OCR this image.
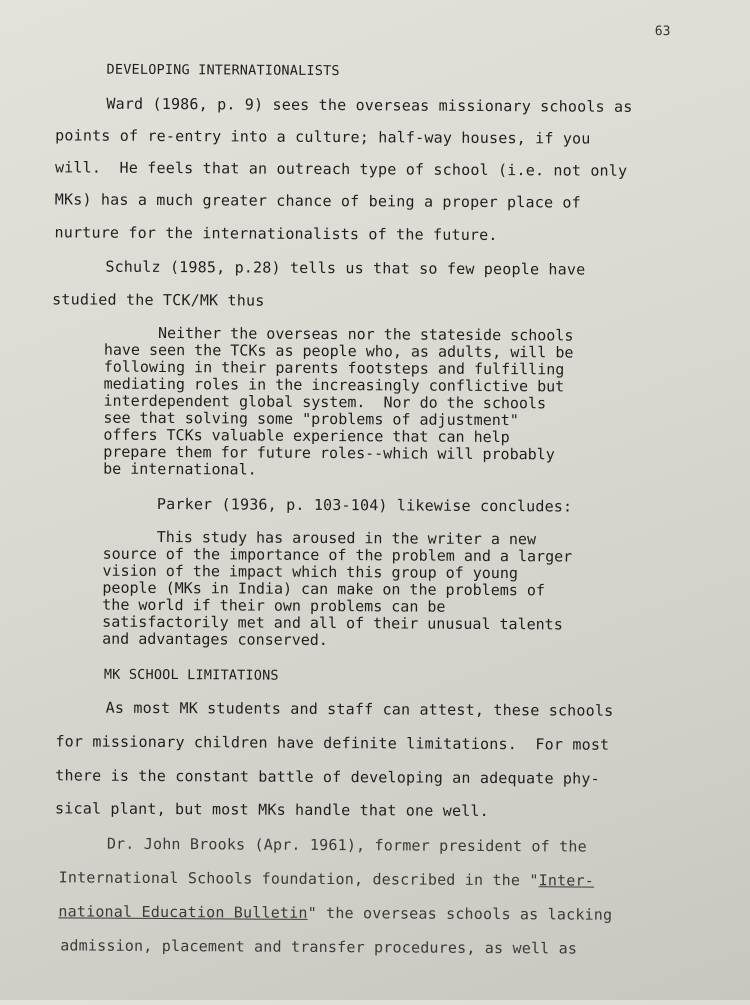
63
DEVELOPING INTERNATIONALISTS
Ward (1986, p. 9) sees the overseas missionary schools as
points of re-entry into a culture; half-way houses, if you
will.  He feels that an outreach type of school (i.e. not only
MKs) has a much greater chance of being a proper place of
nurture for the internationalists of the future.
Schulz (1985, p.28) tells us that so few people have
studied the TCK/MK thus
Neither the overseas nor the stateside schools
have seen the TCKs as people who, as adults, will be
following in their parents footsteps and fulfilling
mediating roles in the increasingly conflictive but
interdependent global system.  Nor do the schools
see that solving some "problems of adjustment"
offers TCKs valuable experience that can help
prepare them for future roles--which will probably
be international.
Parker (1936, p. 103-104) likewise concludes:
This study has aroused in the writer a new
source of the importance of the problem and a larger
vision of the impact which this group of young
people (MKs in India) can make on the problems of
the world if their own problems can be
satisfactorily met and all of their unusual talents
and advantages conserved.
MK SCHOOL LIMITATIONS
As most MK students and staff can attest, these schools
for missionary children have definite limitations.  For most
there is the constant battle of developing an adequate phy-
sical plant, but most MKs handle that one well.
Dr. John Brooks (Apr. 1961), former president of the
International Schools foundation, described in the "Inter-
national Education Bulletin" the overseas schools as lacking
admission, placement and transfer procedures, as well as
